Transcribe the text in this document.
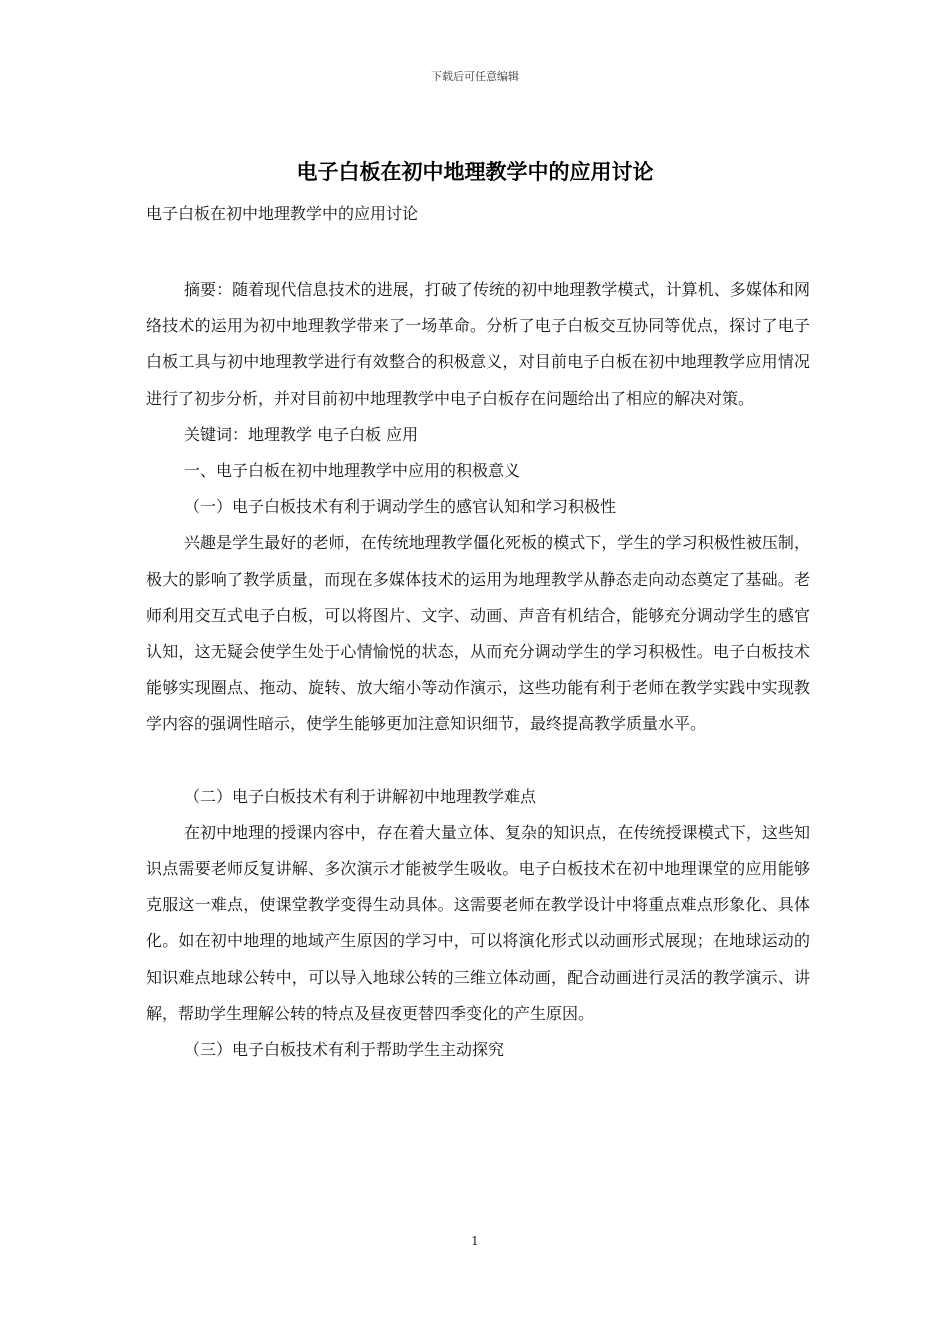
下载后可任意编辑
电子白板在初中地理教学中的应用讨论

电子白板在初中地理教学中的应用讨论

摘要：随着现代信息技术的进展，打破了传统的初中地理教学模式，计算机、多媒体和网络技术的运用为初中地理教学带来了一场革命。分析了电子白板交互协同等优点，探讨了电子白板工具与初中地理教学进行有效整合的积极意义，对目前电子白板在初中地理教学应用情况进行了初步分析，并对目前初中地理教学中电子白板存在问题给出了相应的解决对策。

关键词：地理教学 电子白板 应用

一、电子白板在初中地理教学中应用的积极意义

（一）电子白板技术有利于调动学生的感官认知和学习积极性

兴趣是学生最好的老师，在传统地理教学僵化死板的模式下，学生的学习积极性被压制，极大的影响了教学质量，而现在多媒体技术的运用为地理教学从静态走向动态奠定了基础。老师利用交互式电子白板，可以将图片、文字、动画、声音有机结合，能够充分调动学生的感官认知，这无疑会使学生处于心情愉悦的状态，从而充分调动学生的学习积极性。电子白板技术能够实现圈点、拖动、旋转、放大缩小等动作演示，这些功能有利于老师在教学实践中实现教学内容的强调性暗示，使学生能够更加注意知识细节，最终提高教学质量水平。

（二）电子白板技术有利于讲解初中地理教学难点

在初中地理的授课内容中，存在着大量立体、复杂的知识点，在传统授课模式下，这些知识点需要老师反复讲解、多次演示才能被学生吸收。电子白板技术在初中地理课堂的应用能够克服这一难点，使课堂教学变得生动具体。这需要老师在教学设计中将重点难点形象化、具体化。如在初中地理的地域产生原因的学习中，可以将演化形式以动画形式展现；在地球运动的知识难点地球公转中，可以导入地球公转的三维立体动画，配合动画进行灵活的教学演示、讲解，帮助学生理解公转的特点及昼夜更替四季变化的产生原因。

（三）电子白板技术有利于帮助学生主动探究

1
